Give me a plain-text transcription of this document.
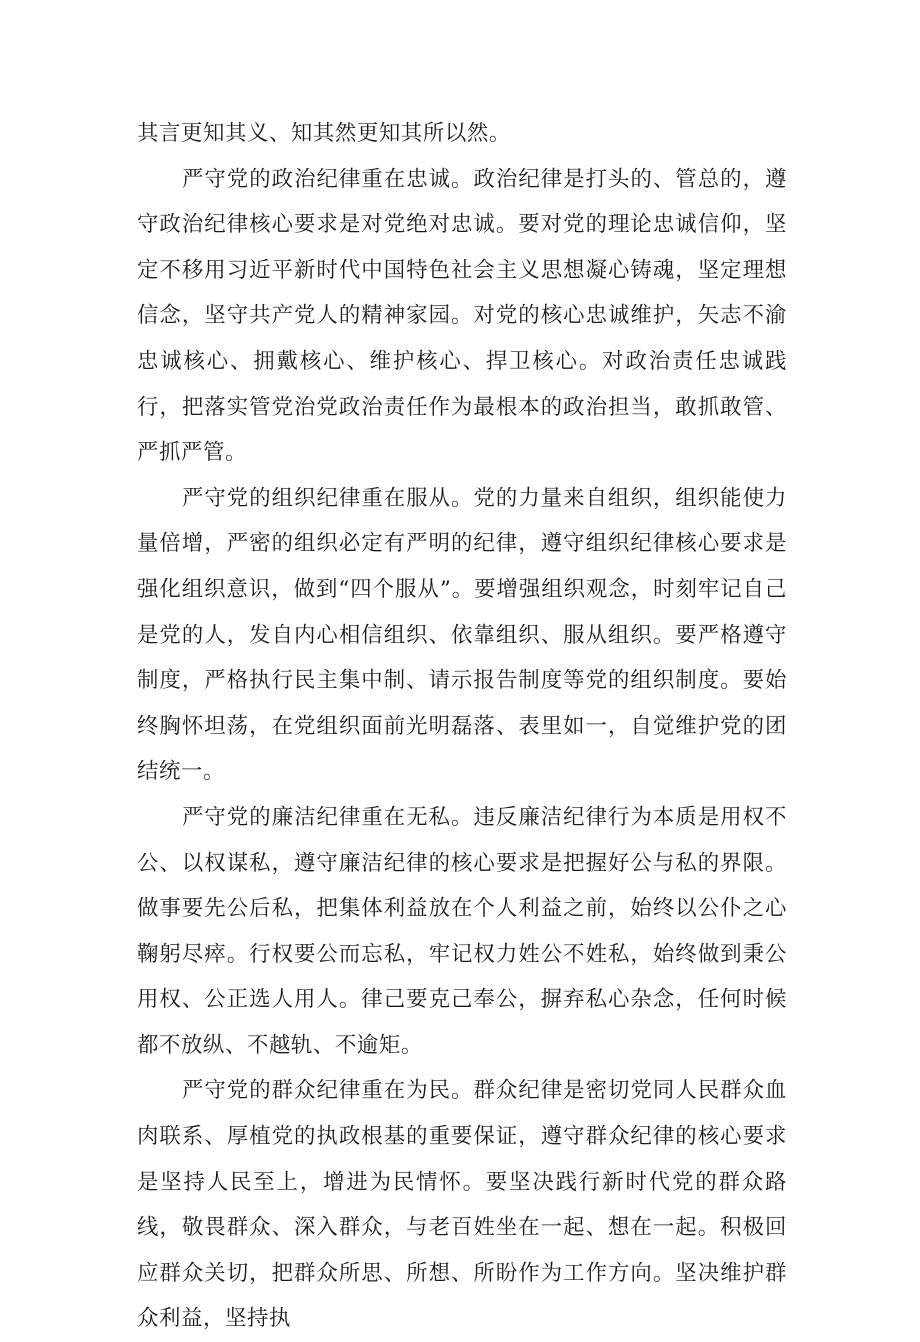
其言更知其义、知其然更知其所以然。

严守党的政治纪律重在忠诚。政治纪律是打头的、管总的，遵守政治纪律核心要求是对党绝对忠诚。要对党的理论忠诚信仰，坚定不移用习近平新时代中国特色社会主义思想凝心铸魂，坚定理想信念，坚守共产党人的精神家园。对党的核心忠诚维护，矢志不渝忠诚核心、拥戴核心、维护核心、捍卫核心。对政治责任忠诚践行，把落实管党治党政治责任作为最根本的政治担当，敢抓敢管、严抓严管。

严守党的组织纪律重在服从。党的力量来自组织，组织能使力量倍增，严密的组织必定有严明的纪律，遵守组织纪律核心要求是强化组织意识，做到“四个服从”。要增强组织观念，时刻牢记自己是党的人，发自内心相信组织、依靠组织、服从组织。要严格遵守制度，严格执行民主集中制、请示报告制度等党的组织制度。要始终胸怀坦荡，在党组织面前光明磊落、表里如一，自觉维护党的团结统一。

严守党的廉洁纪律重在无私。违反廉洁纪律行为本质是用权不公、以权谋私，遵守廉洁纪律的核心要求是把握好公与私的界限。做事要先公后私，把集体利益放在个人利益之前，始终以公仆之心鞠躬尽瘁。行权要公而忘私，牢记权力姓公不姓私，始终做到秉公用权、公正选人用人。律己要克己奉公，摒弃私心杂念，任何时候都不放纵、不越轨、不逾矩。

严守党的群众纪律重在为民。群众纪律是密切党同人民群众血肉联系、厚植党的执政根基的重要保证，遵守群众纪律的核心要求是坚持人民至上，增进为民情怀。要坚决践行新时代党的群众路线，敬畏群众、深入群众，与老百姓坐在一起、想在一起。积极回应群众关切，把群众所思、所想、所盼作为工作方向。坚决维护群众利益，坚持执
